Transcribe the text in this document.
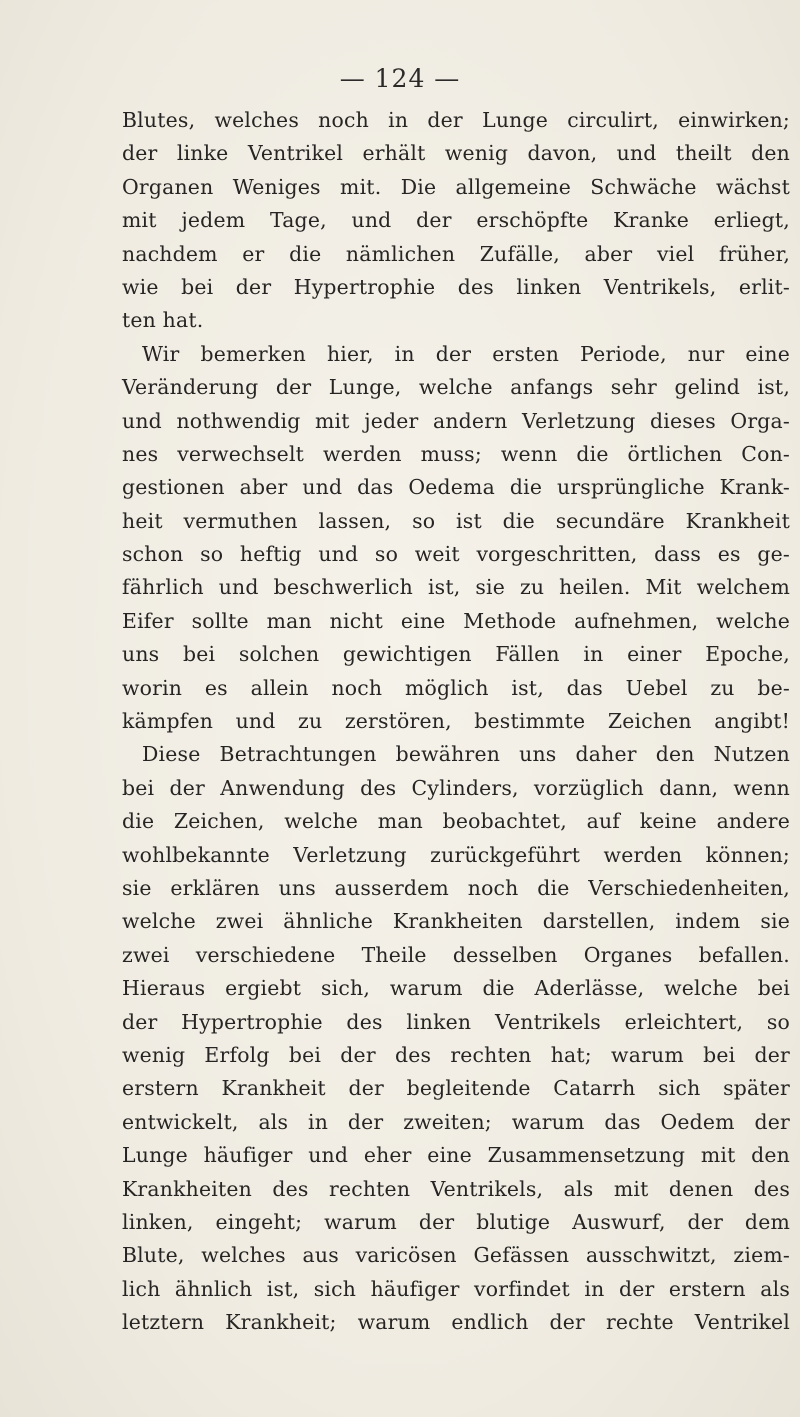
— 124 —
Blutes, welches noch in der Lunge circulirt, einwirken;
der linke Ventrikel erhält wenig davon, und theilt den
Organen Weniges mit. Die allgemeine Schwäche wächst
mit jedem Tage, und der erschöpfte Kranke erliegt,
nachdem er die nämlichen Zufälle, aber viel früher,
wie bei der Hypertrophie des linken Ventrikels, erlit-
ten hat.
Wir bemerken hier, in der ersten Periode, nur eine
Veränderung der Lunge, welche anfangs sehr gelind ist,
und nothwendig mit jeder andern Verletzung dieses Orga-
nes verwechselt werden muss; wenn die örtlichen Con-
gestionen aber und das Oedema die ursprüngliche Krank-
heit vermuthen lassen, so ist die secundäre Krankheit
schon so heftig und so weit vorgeschritten, dass es ge-
fährlich und beschwerlich ist, sie zu heilen. Mit welchem
Eifer sollte man nicht eine Methode aufnehmen, welche
uns bei solchen gewichtigen Fällen in einer Epoche,
worin es allein noch möglich ist, das Uebel zu be-
kämpfen und zu zerstören, bestimmte Zeichen angibt!
Diese Betrachtungen bewähren uns daher den Nutzen
bei der Anwendung des Cylinders, vorzüglich dann, wenn
die Zeichen, welche man beobachtet, auf keine andere
wohlbekannte Verletzung zurückgeführt werden können;
sie erklären uns ausserdem noch die Verschiedenheiten,
welche zwei ähnliche Krankheiten darstellen, indem sie
zwei verschiedene Theile desselben Organes befallen.
Hieraus ergiebt sich, warum die Aderlässe, welche bei
der Hypertrophie des linken Ventrikels erleichtert, so
wenig Erfolg bei der des rechten hat; warum bei der
erstern Krankheit der begleitende Catarrh sich später
entwickelt, als in der zweiten; warum das Oedem der
Lunge häufiger und eher eine Zusammensetzung mit den
Krankheiten des rechten Ventrikels, als mit denen des
linken, eingeht; warum der blutige Auswurf, der dem
Blute, welches aus varicösen Gefässen ausschwitzt, ziem-
lich ähnlich ist, sich häufiger vorfindet in der erstern als
letztern Krankheit; warum endlich der rechte Ventrikel
